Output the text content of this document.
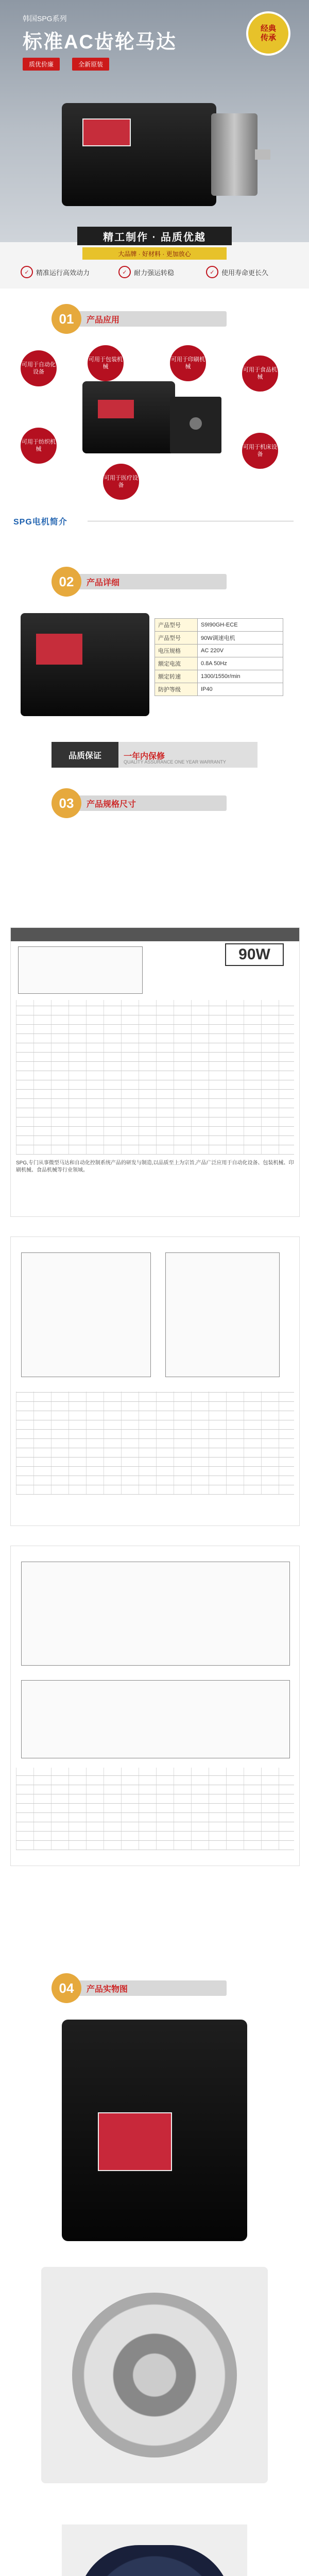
韩国SPG系列
标准AC齿轮马达
质优价廉	全新原装
经典
传承
精工制作 · 品质优越
大品牌 · 好材料 · 更加放心
✓	精准运行高效动力	✓	耐力强运转稳	✓	使用寿命更长久
01	产品应用
可用于自动化设备
可用于包装机械
可用于印刷机械	可用于食品机械
可用于纺织机械	可用于机床设备
可用于医疗设备
SPG电机简介
02	产品详细
产品型号	S9I90GH-ECE
产品型号	90W调速电机
电压规格	AC 220V
额定电流	0.8A 50Hz
额定转速	1300/1550r/min
防护等级	IP40
品质保证	一年内保修
QUALITY ASSURANCE ONE YEAR WARRANTY
03	产品规格尺寸
90W
SPG,专门从事微型马达和自动化控制系统产品的研发与制造,以品质至上为宗旨,产品广泛应用于自动化设备、包装机械、印刷机械、食品机械等行业领域。
04	产品实物图
